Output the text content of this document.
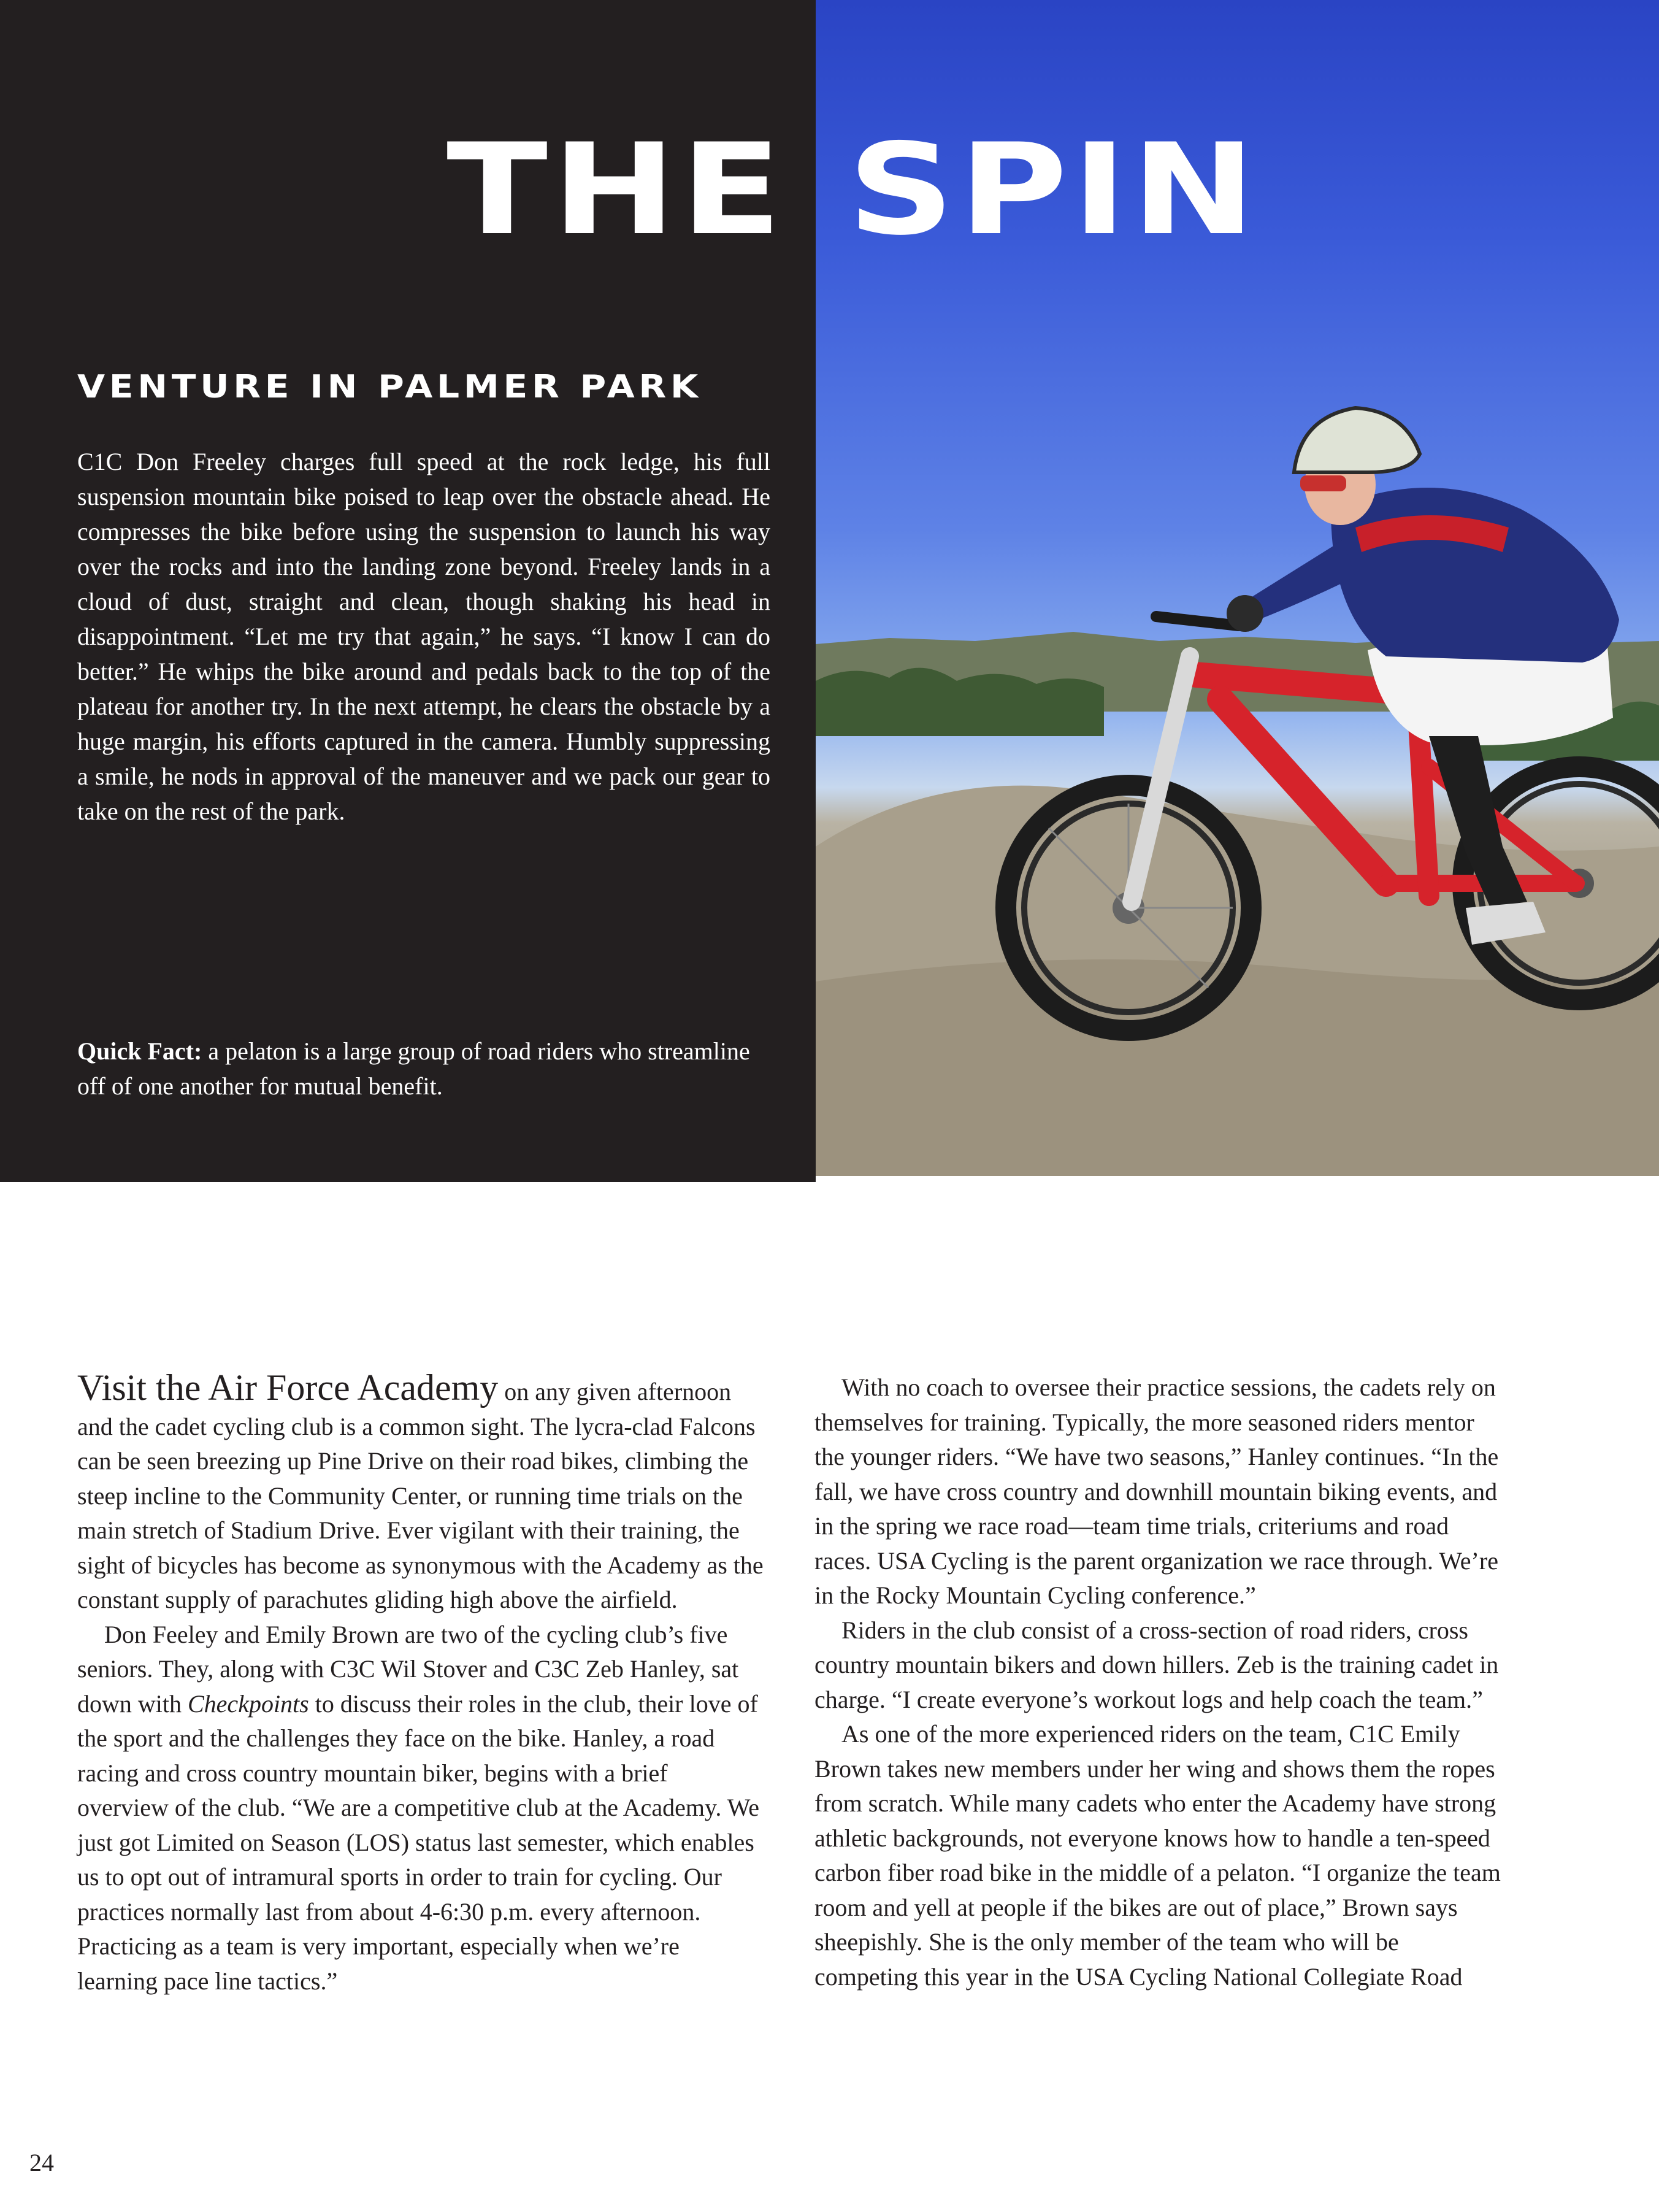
THE SPIN
VENTURE IN PALMER PARK

C1C Don Freeley charges full speed at the rock ledge, his full suspension mountain bike poised to leap over the obstacle ahead. He compresses the bike before using the suspension to launch his way over the rocks and into the landing zone beyond. Freeley lands in a cloud of dust, straight and clean, though shaking his head in disappointment. “Let me try that again,” he says. “I know I can do better.” He whips the bike around and pedals back to the top of the plateau for another try. In the next attempt, he clears the obstacle by a huge margin, his efforts captured in the camera. Humbly suppressing a smile, he nods in approval of the maneuver and we pack our gear to take on the rest of the park.

Quick Fact: a pelaton is a large group of road riders who streamline off of one another for mutual benefit.

Visit the Air Force Academy on any given afternoon and the cadet cycling club is a common sight. The lycra-clad Falcons can be seen breezing up Pine Drive on their road bikes, climbing the steep incline to the Community Center, or running time trials on the main stretch of Stadium Drive. Ever vigilant with their training, the sight of bicycles has become as synonymous with the Academy as the constant supply of parachutes gliding high above the airfield.

Don Feeley and Emily Brown are two of the cycling club’s five seniors. They, along with C3C Wil Stover and C3C Zeb Hanley, sat down with Checkpoints to discuss their roles in the club, their love of the sport and the challenges they face on the bike. Hanley, a road racing and cross country mountain biker, begins with a brief overview of the club. “We are a competitive club at the Academy. We just got Limited on Season (LOS) status last semester, which enables us to opt out of intramural sports in order to train for cycling. Our practices normally last from about 4-6:30 p.m. every afternoon. Practicing as a team is very important, especially when we’re learning pace line tactics.”

With no coach to oversee their practice sessions, the cadets rely on themselves for training. Typically, the more seasoned riders mentor the younger riders. “We have two seasons,” Hanley continues. “In the fall, we have cross country and downhill mountain biking events, and in the spring we race road—team time trials, criteriums and road races. USA Cycling is the parent organization we race through. We’re in the Rocky Mountain Cycling conference.”

Riders in the club consist of a cross-section of road riders, cross country mountain bikers and down hillers. Zeb is the training cadet in charge. “I create everyone’s workout logs and help coach the team.”

As one of the more experienced riders on the team, C1C Emily Brown takes new members under her wing and shows them the ropes from scratch. While many cadets who enter the Academy have strong athletic backgrounds, not everyone knows how to handle a ten-speed carbon fiber road bike in the middle of a pelaton. “I organize the team room and yell at people if the bikes are out of place,” Brown says sheepishly. She is the only member of the team who will be competing this year in the USA Cycling National Collegiate Road

24
